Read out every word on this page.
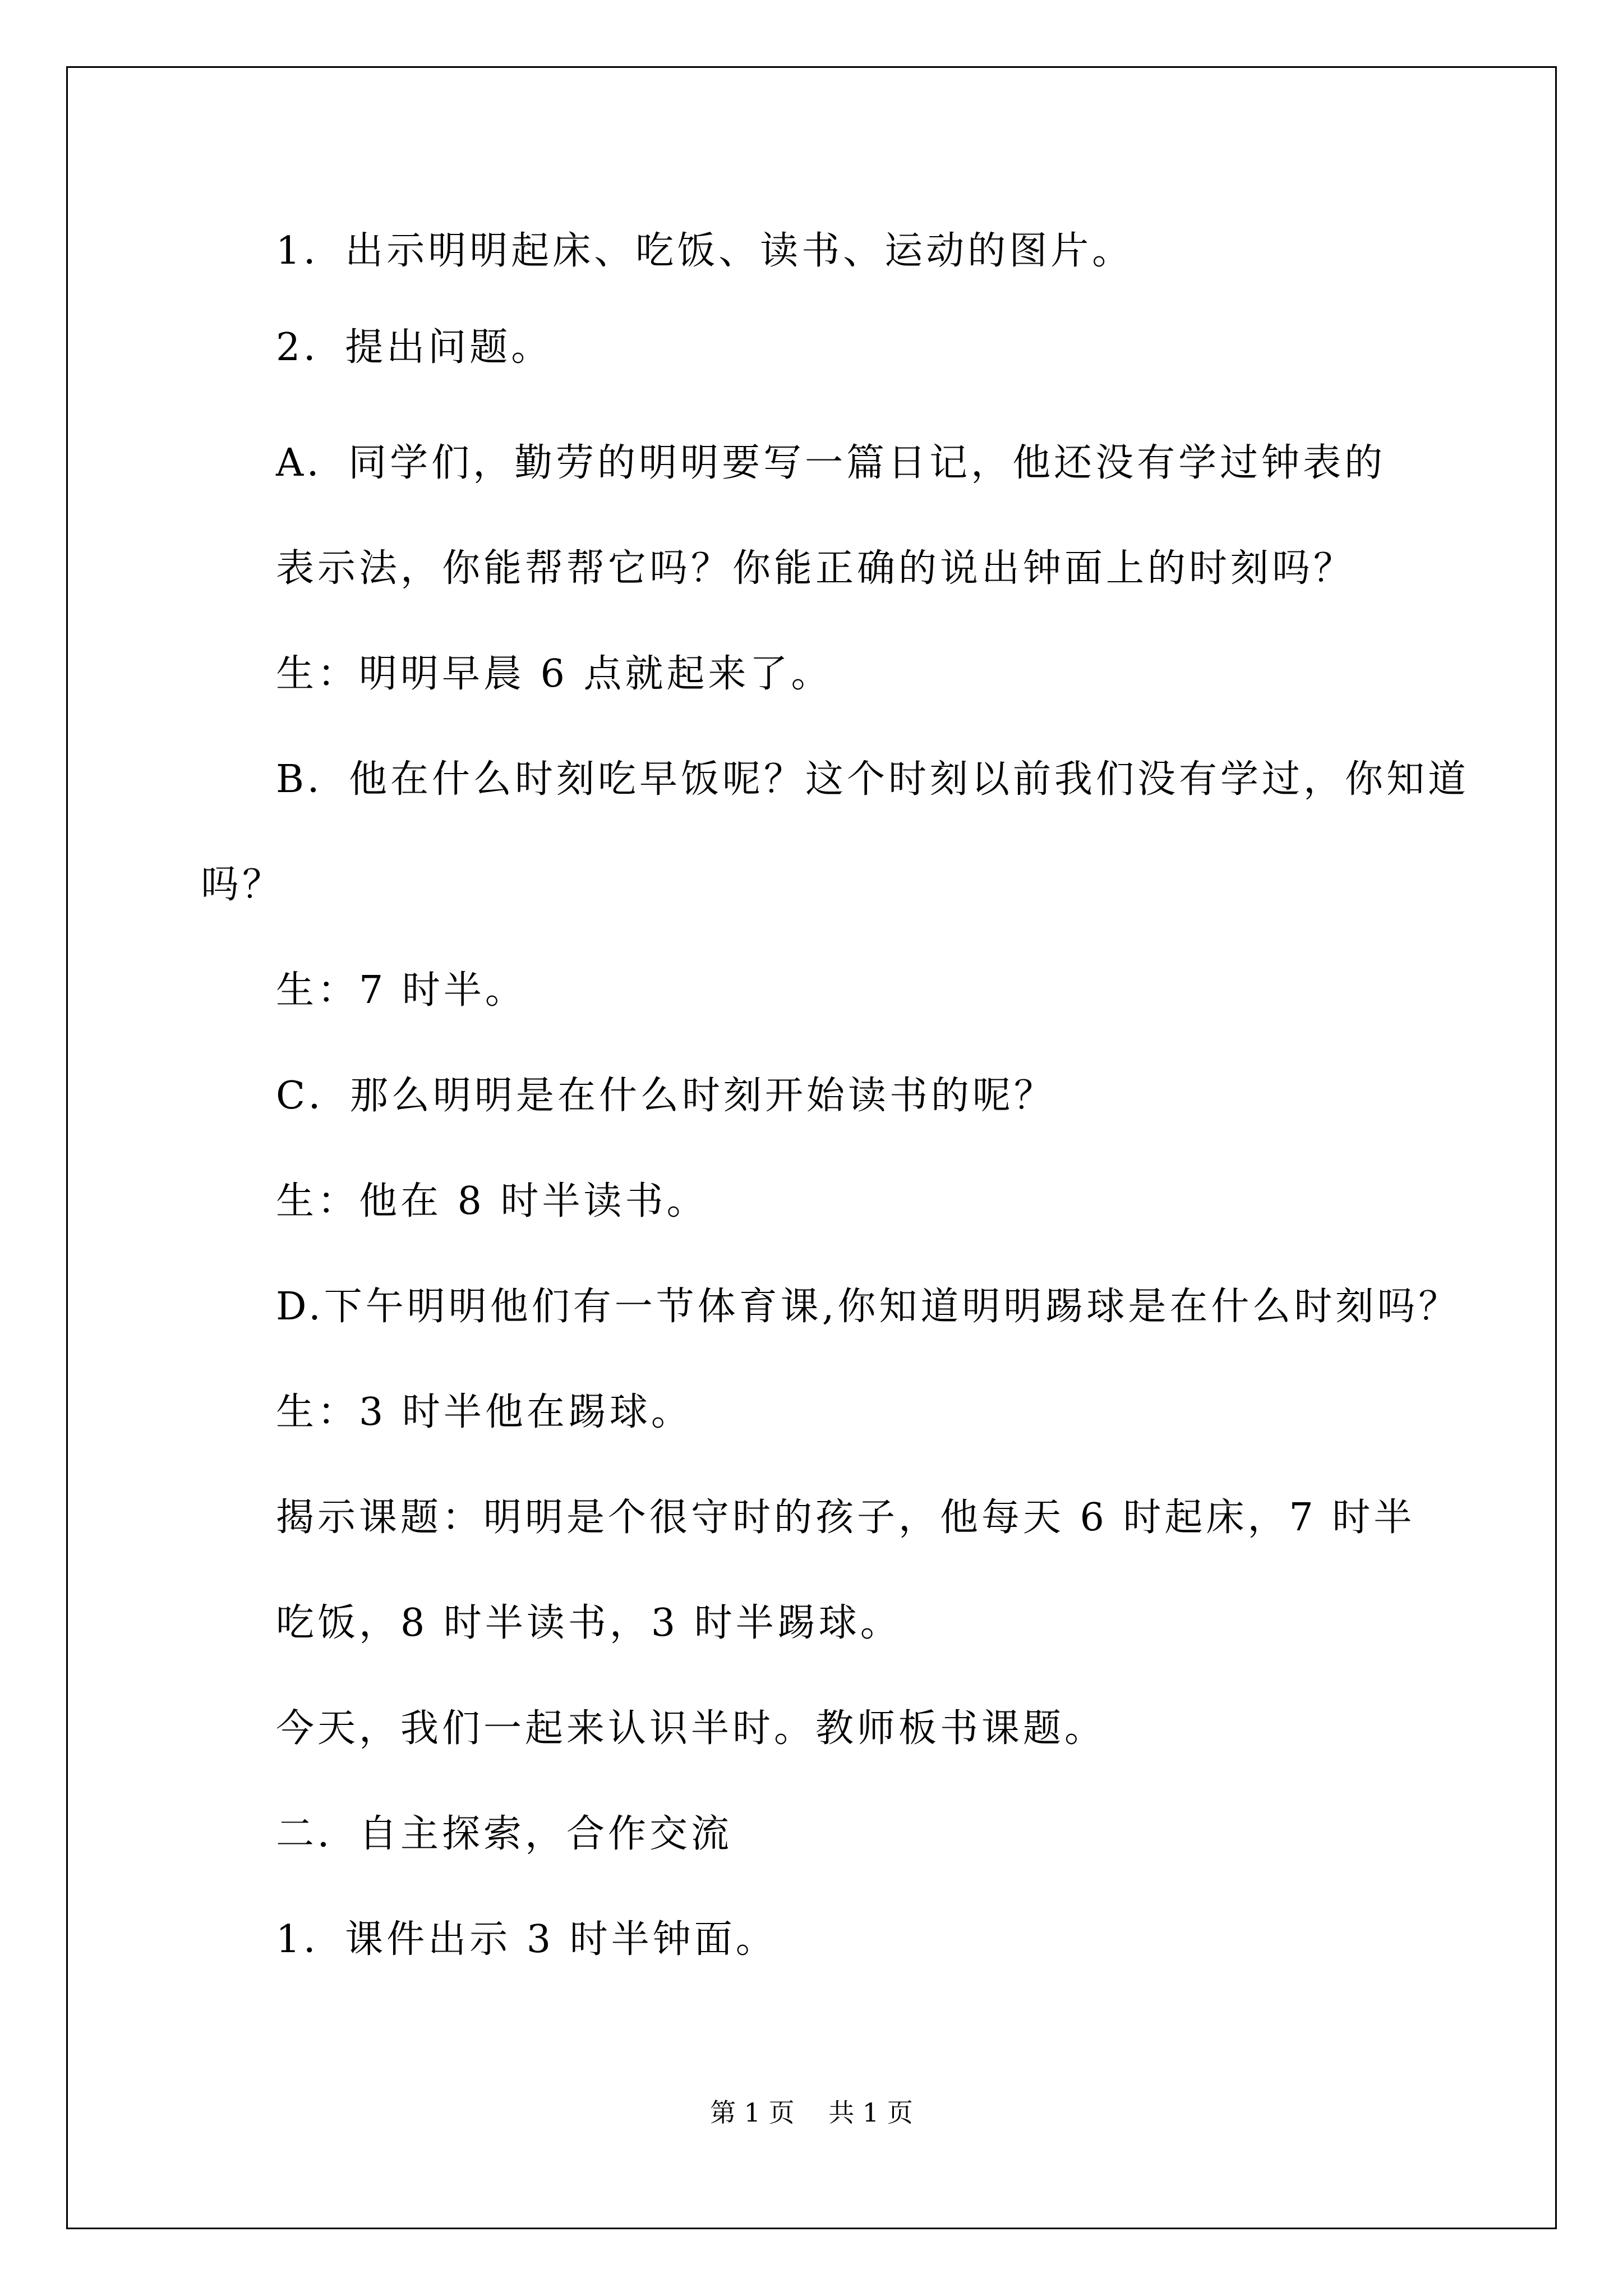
1．出示明明起床、吃饭、读书、运动的图片。
2．提出问题。
A．同学们，勤劳的明明要写一篇日记，他还没有学过钟表的
表示法，你能帮帮它吗？你能正确的说出钟面上的时刻吗？
生：明明早晨 6 点就起来了。
B．他在什么时刻吃早饭呢？这个时刻以前我们没有学过，你知道
吗？
生：7 时半。
C．那么明明是在什么时刻开始读书的呢？
生：他在 8 时半读书。
D.下午明明他们有一节体育课,你知道明明踢球是在什么时刻吗？
生：3 时半他在踢球。
揭示课题：明明是个很守时的孩子，他每天 6 时起床，7 时半
吃饭，8 时半读书，3 时半踢球。
今天，我们一起来认识半时。教师板书课题。
二．自主探索，合作交流
1．课件出示 3 时半钟面。
第 1 页　 共 1 页
